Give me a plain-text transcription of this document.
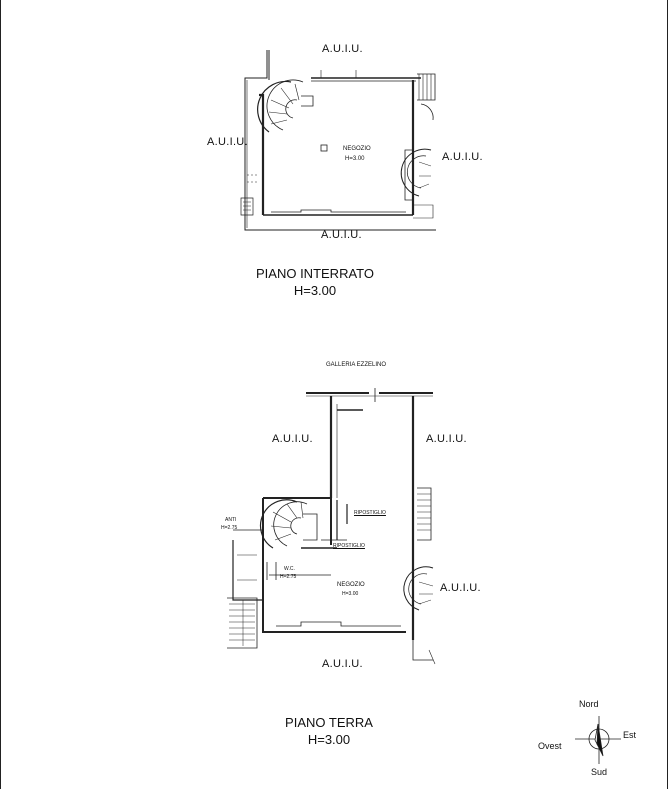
A.U.I.U.
A.U.I.U.
A.U.I.U.
A.U.I.U.
NEGOZIO
H=3.00
PIANO INTERRATO
H=3.00
GALLERIA EZZELINO
A.U.I.U.	A.U.I.U.
A.U.I.U.
A.U.I.U.
RIPOSTIGLIO
RIPOSTIGLIO
ANTI
H=2.75
W.C.
H=2.75
NEGOZIO
H=3.00
PIANO TERRA
H=3.00
Nord
Est
Ovest
Sud
